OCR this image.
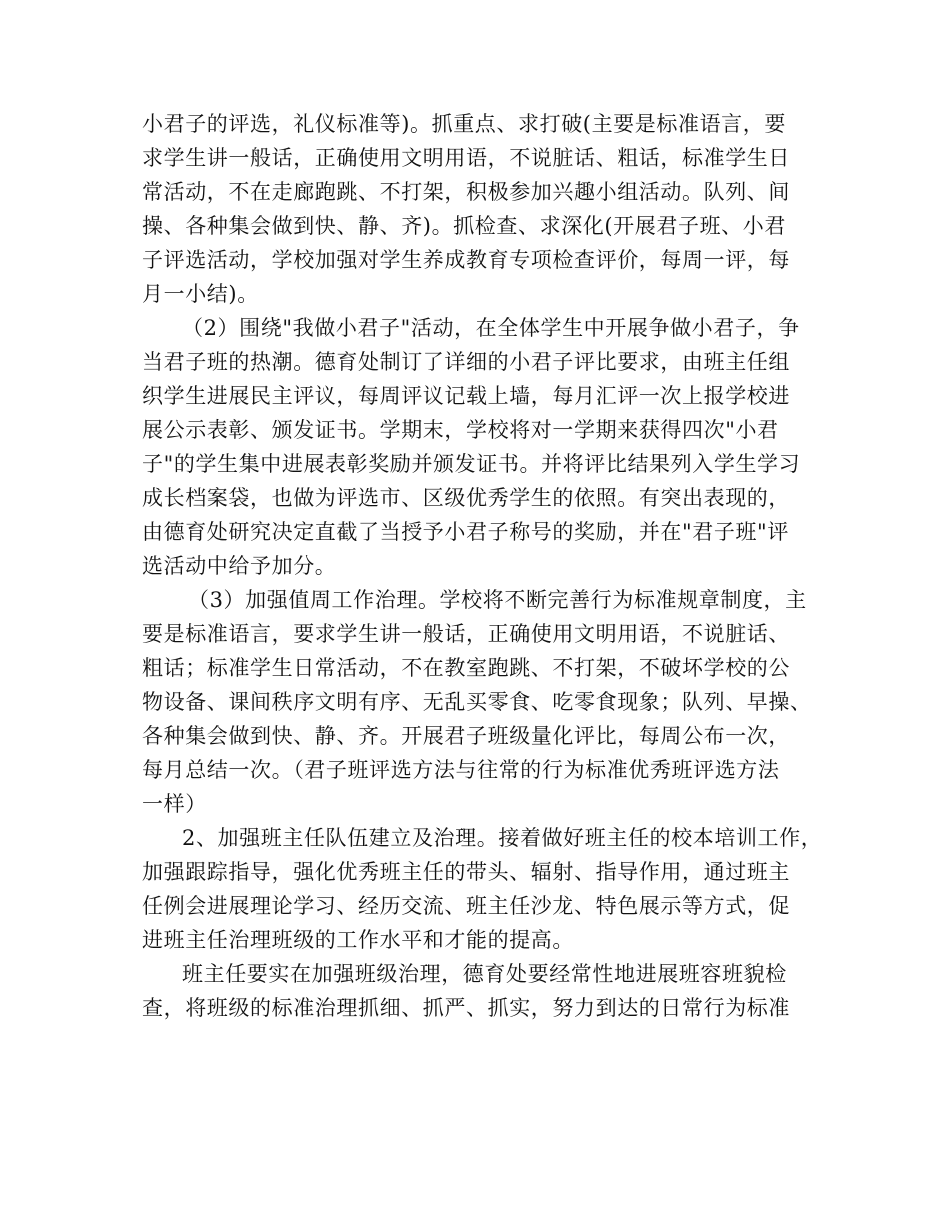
小君子的评选，礼仪标准等)。抓重点、求打破(主要是标准语言，要
求学生讲一般话，正确使用文明用语，不说脏话、粗话，标准学生日
常活动，不在走廊跑跳、不打架，积极参加兴趣小组活动。队列、间
操、各种集会做到快、静、齐)。抓检查、求深化(开展君子班、小君
子评选活动，学校加强对学生养成教育专项检查评价，每周一评，每
月一小结)。
（2）围绕"我做小君子"活动，在全体学生中开展争做小君子，争
当君子班的热潮。德育处制订了详细的小君子评比要求，由班主任组
织学生进展民主评议，每周评议记载上墙，每月汇评一次上报学校进
展公示表彰、颁发证书。学期末，学校将对一学期来获得四次"小君
子"的学生集中进展表彰奖励并颁发证书。并将评比结果列入学生学习
成长档案袋，也做为评选市、区级优秀学生的依照。有突出表现的，
由德育处研究决定直截了当授予小君子称号的奖励，并在"君子班"评
选活动中给予加分。
（3）加强值周工作治理。学校将不断完善行为标准规章制度，主
要是标准语言，要求学生讲一般话，正确使用文明用语，不说脏话、
粗话；标准学生日常活动，不在教室跑跳、不打架，不破坏学校的公
物设备、课间秩序文明有序、无乱买零食、吃零食现象；队列、早操、
各种集会做到快、静、齐。开展君子班级量化评比，每周公布一次，
每月总结一次。（君子班评选方法与往常的行为标准优秀班评选方法
一样）
2、加强班主任队伍建立及治理。接着做好班主任的校本培训工作，
加强跟踪指导，强化优秀班主任的带头、辐射、指导作用，通过班主
任例会进展理论学习、经历交流、班主任沙龙、特色展示等方式，促
进班主任治理班级的工作水平和才能的提高。
班主任要实在加强班级治理，德育处要经常性地进展班容班貌检
查，将班级的标准治理抓细、抓严、抓实，努力到达的日常行为标准
